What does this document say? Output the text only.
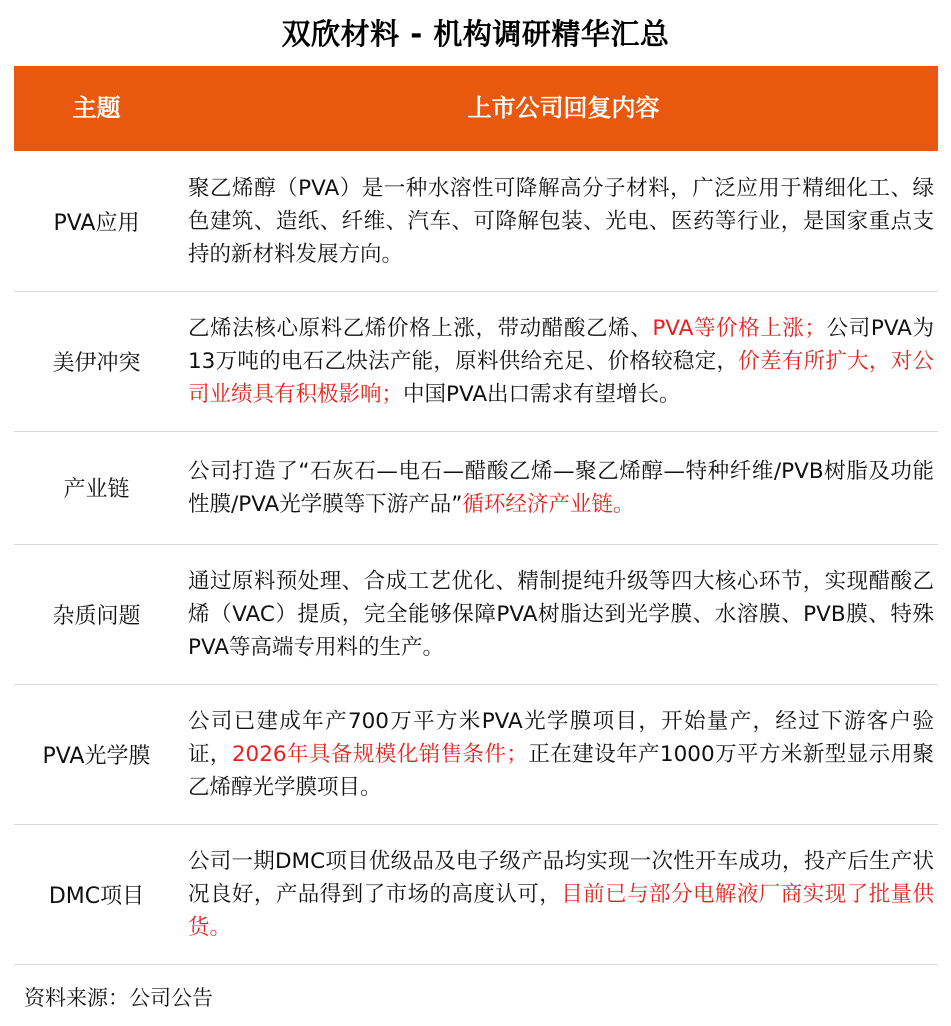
双欣材料 - 机构调研精华汇总
主题	上市公司回复内容
PVA应用

聚乙烯醇（PVA）是一种水溶性可降解高分子材料，广泛应用于精细化工、绿色建筑、造纸、纤维、汽车、可降解包装、光电、医药等行业，是国家重点支持的新材料发展方向。

美伊冲突

乙烯法核心原料乙烯价格上涨，带动醋酸乙烯、PVA等价格上涨；公司PVA为13万吨的电石乙炔法产能，原料供给充足、价格较稳定，价差有所扩大，对公司业绩具有积极影响；中国PVA出口需求有望增长。

产业链

公司打造了“石灰石—电石—醋酸乙烯—聚乙烯醇—特种纤维/PVB树脂及功能性膜/PVA光学膜等下游产品”循环经济产业链。

杂质问题

通过原料预处理、合成工艺优化、精制提纯升级等四大核心环节，实现醋酸乙烯（VAC）提质，完全能够保障PVA树脂达到光学膜、水溶膜、PVB膜、特殊PVA等高端专用料的生产。

PVA光学膜

公司已建成年产700万平方米PVA光学膜项目，开始量产，经过下游客户验证，2026年具备规模化销售条件；正在建设年产1000万平方米新型显示用聚乙烯醇光学膜项目。

DMC项目

公司一期DMC项目优级品及电子级产品均实现一次性开车成功，投产后生产状况良好，产品得到了市场的高度认可，目前已与部分电解液厂商实现了批量供货。

资料来源：公司公告
